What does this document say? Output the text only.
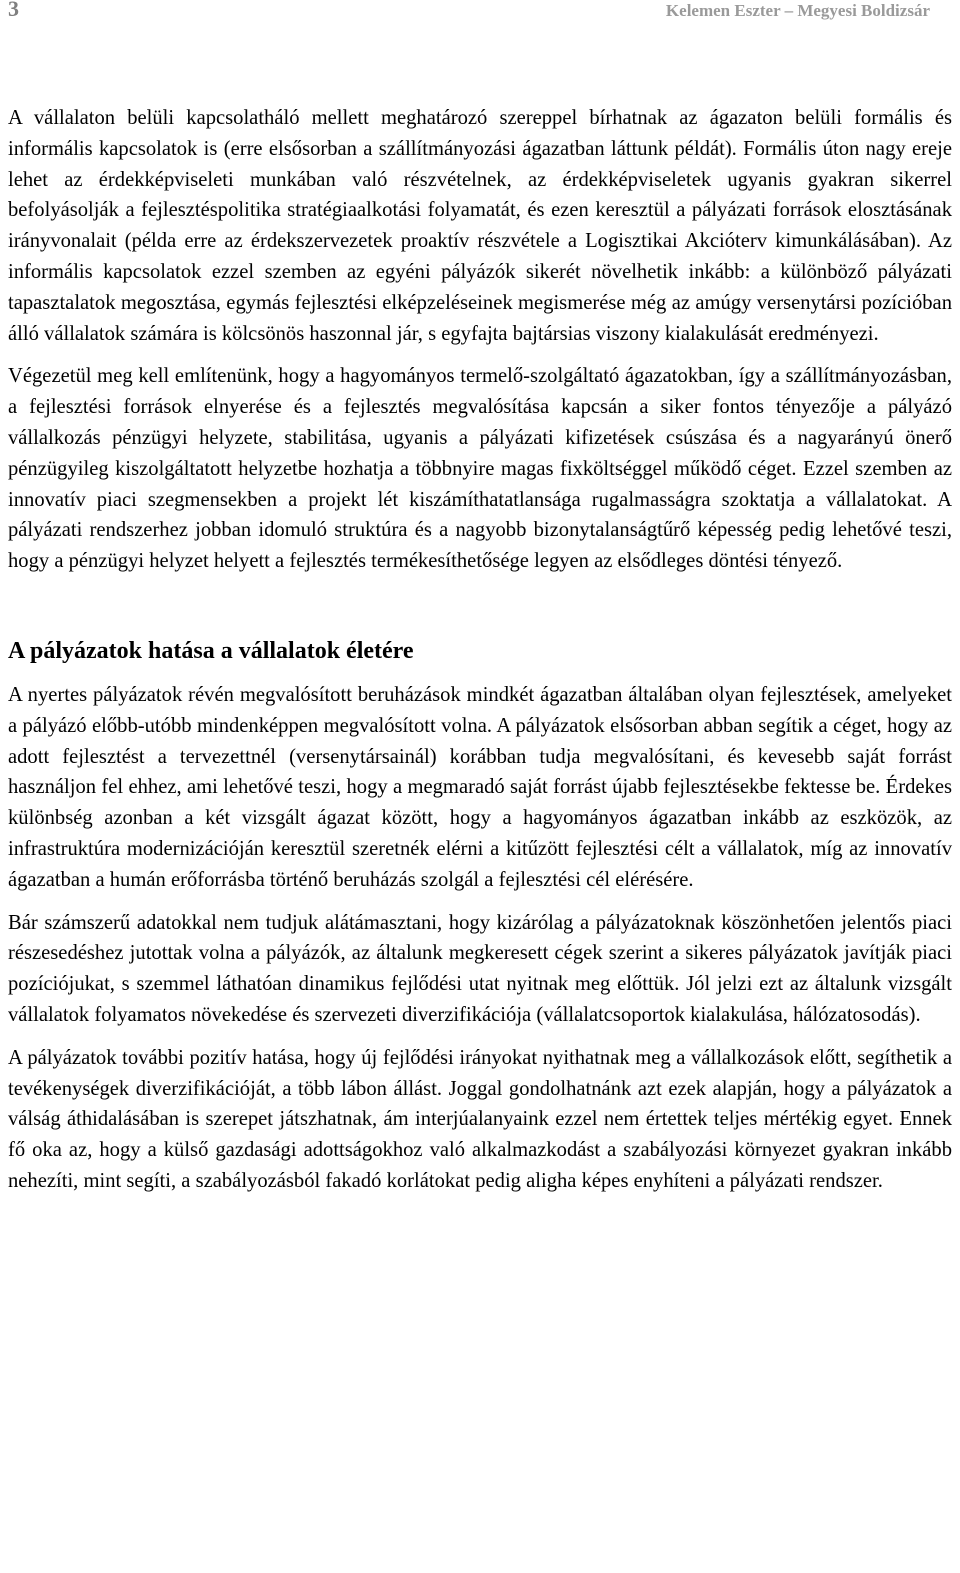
3	Kelemen Eszter – Megyesi Boldizsár

A vállalaton belüli kapcsolatháló mellett meghatározó szereppel bírhatnak az ágazaton belüli formális és informális kapcsolatok is (erre elsősorban a szállítmányozási ágazatban láttunk példát). Formális úton nagy ereje lehet az érdekképviseleti munkában való részvételnek, az érdekképviseletek ugyanis gyakran sikerrel befolyásolják a fejlesztéspolitika stratégiaalkotási folyamatát, és ezen keresztül a pályázati források elosztásának irányvonalait (példa erre az érdekszervezetek proaktív részvétele a Logisztikai Akcióterv kimunkálásában). Az informális kapcsolatok ezzel szemben az egyéni pályázók sikerét növelhetik inkább: a különböző pályázati tapasztalatok megosztása, egymás fejlesztési elképzeléseinek megismerése még az amúgy versenytársi pozícióban álló vállalatok számára is kölcsönös haszonnal jár, s egyfajta bajtársias viszony kialakulását eredményezi.

Végezetül meg kell említenünk, hogy a hagyományos termelő-szolgáltató ágazatokban, így a szállítmányozásban, a fejlesztési források elnyerése és a fejlesztés megvalósítása kapcsán a siker fontos tényezője a pályázó vállalkozás pénzügyi helyzete, stabilitása, ugyanis a pályázati kifizetések csúszása és a nagyarányú önerő pénzügyileg kiszolgáltatott helyzetbe hozhatja a többnyire magas fixköltséggel működő céget. Ezzel szemben az innovatív piaci szegmensekben a projekt lét kiszámíthatatlansága rugalmasságra szoktatja a vállalatokat. A pályázati rendszerhez jobban idomuló struktúra és a nagyobb bizonytalanságtűrő képesség pedig lehetővé teszi, hogy a pénzügyi helyzet helyett a fejlesztés termékesíthetősége legyen az elsődleges döntési tényező.

A pályázatok hatása a vállalatok életére

A nyertes pályázatok révén megvalósított beruházások mindkét ágazatban általában olyan fejlesztések, amelyeket a pályázó előbb-utóbb mindenképpen megvalósított volna. A pályázatok elsősorban abban segítik a céget, hogy az adott fejlesztést a tervezettnél (versenytársainál) korábban tudja megvalósítani, és kevesebb saját forrást használjon fel ehhez, ami lehetővé teszi, hogy a megmaradó saját forrást újabb fejlesztésekbe fektesse be. Érdekes különbség azonban a két vizsgált ágazat között, hogy a hagyományos ágazatban inkább az eszközök, az infrastruktúra modernizációján keresztül szeretnék elérni a kitűzött fejlesztési célt a vállalatok, míg az innovatív ágazatban a humán erőforrásba történő beruházás szolgál a fejlesztési cél elérésére.

Bár számszerű adatokkal nem tudjuk alátámasztani, hogy kizárólag a pályázatoknak köszönhetően jelentős piaci részesedéshez jutottak volna a pályázók, az általunk megkeresett cégek szerint a sikeres pályázatok javítják piaci pozíciójukat, s szemmel láthatóan dinamikus fejlődési utat nyitnak meg előttük. Jól jelzi ezt az általunk vizsgált vállalatok folyamatos növekedése és szervezeti diverzifikációja (vállalatcsoportok kialakulása, hálózatosodás).

A pályázatok további pozitív hatása, hogy új fejlődési irányokat nyithatnak meg a vállalkozások előtt, segíthetik a tevékenységek diverzifikációját, a több lábon állást. Joggal gondolhatnánk azt ezek alapján, hogy a pályázatok a válság áthidalásában is szerepet játszhatnak, ám interjúalanyaink ezzel nem értettek teljes mértékig egyet. Ennek fő oka az, hogy a külső gazdasági adottságokhoz való alkalmazkodást a szabályozási környezet gyakran inkább nehezíti, mint segíti, a szabályozásból fakadó korlátokat pedig aligha képes enyhíteni a pályázati rendszer.
